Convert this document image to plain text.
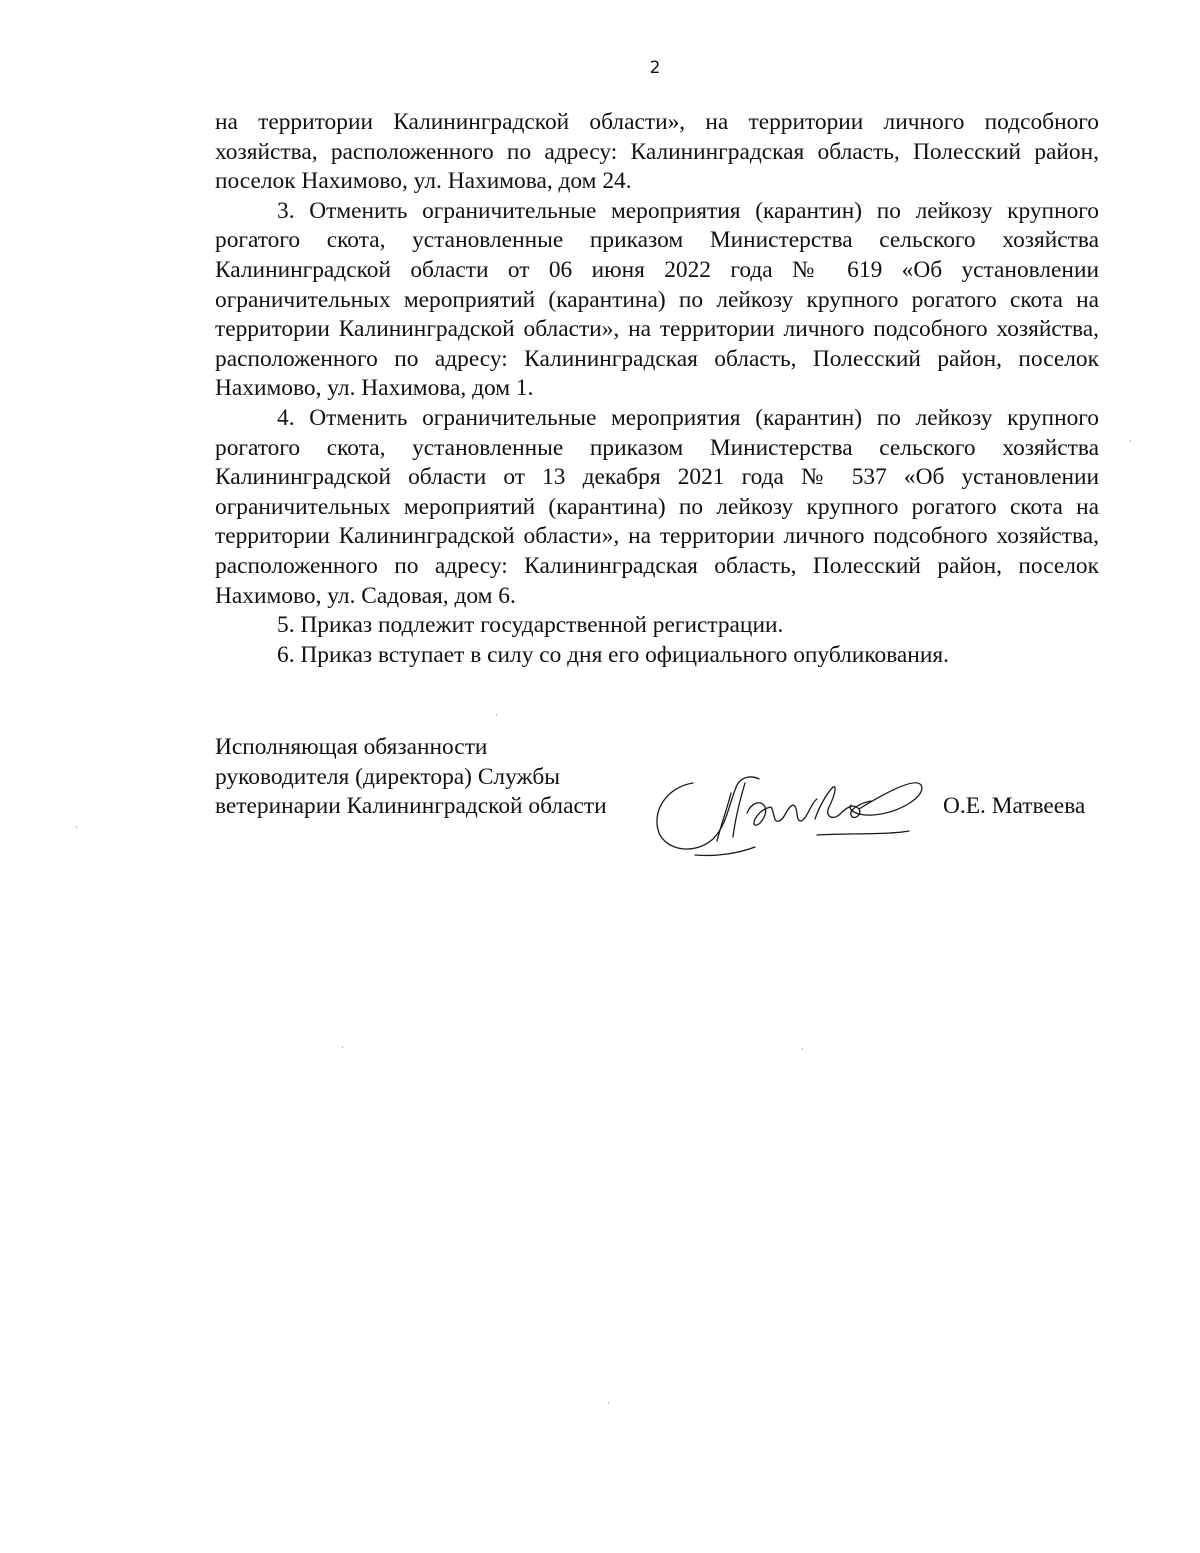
2

на территории Калининградской области», на территории личного подсобного хозяйства, расположенного по адресу: Калининградская область, Полесский район, поселок Нахимово, ул. Нахимова, дом 24.

3. Отменить ограничительные мероприятия (карантин) по лейкозу крупного рогатого скота, установленные приказом Министерства сельского хозяйства Калининградской области от 06 июня 2022 года № 619 «Об установлении ограничительных мероприятий (карантина) по лейкозу крупного рогатого скота на территории Калининградской области», на территории личного подсобного хозяйства, расположенного по адресу: Калининградская область, Полесский район, поселок Нахимово, ул. Нахимова, дом 1.

4. Отменить ограничительные мероприятия (карантин) по лейкозу крупного рогатого скота, установленные приказом Министерства сельского хозяйства Калининградской области от 13 декабря 2021 года № 537 «Об установлении ограничительных мероприятий (карантина) по лейкозу крупного рогатого скота на территории Калининградской области», на территории личного подсобного хозяйства, расположенного по адресу: Калининградская область, Полесский район, поселок Нахимово, ул. Садовая, дом 6.

5. Приказ подлежит государственной регистрации.

6. Приказ вступает в силу со дня его официального опубликования.

Исполняющая обязанности
руководителя (директора) Службы
ветеринарии Калининградской области	О.Е. Матвеева
